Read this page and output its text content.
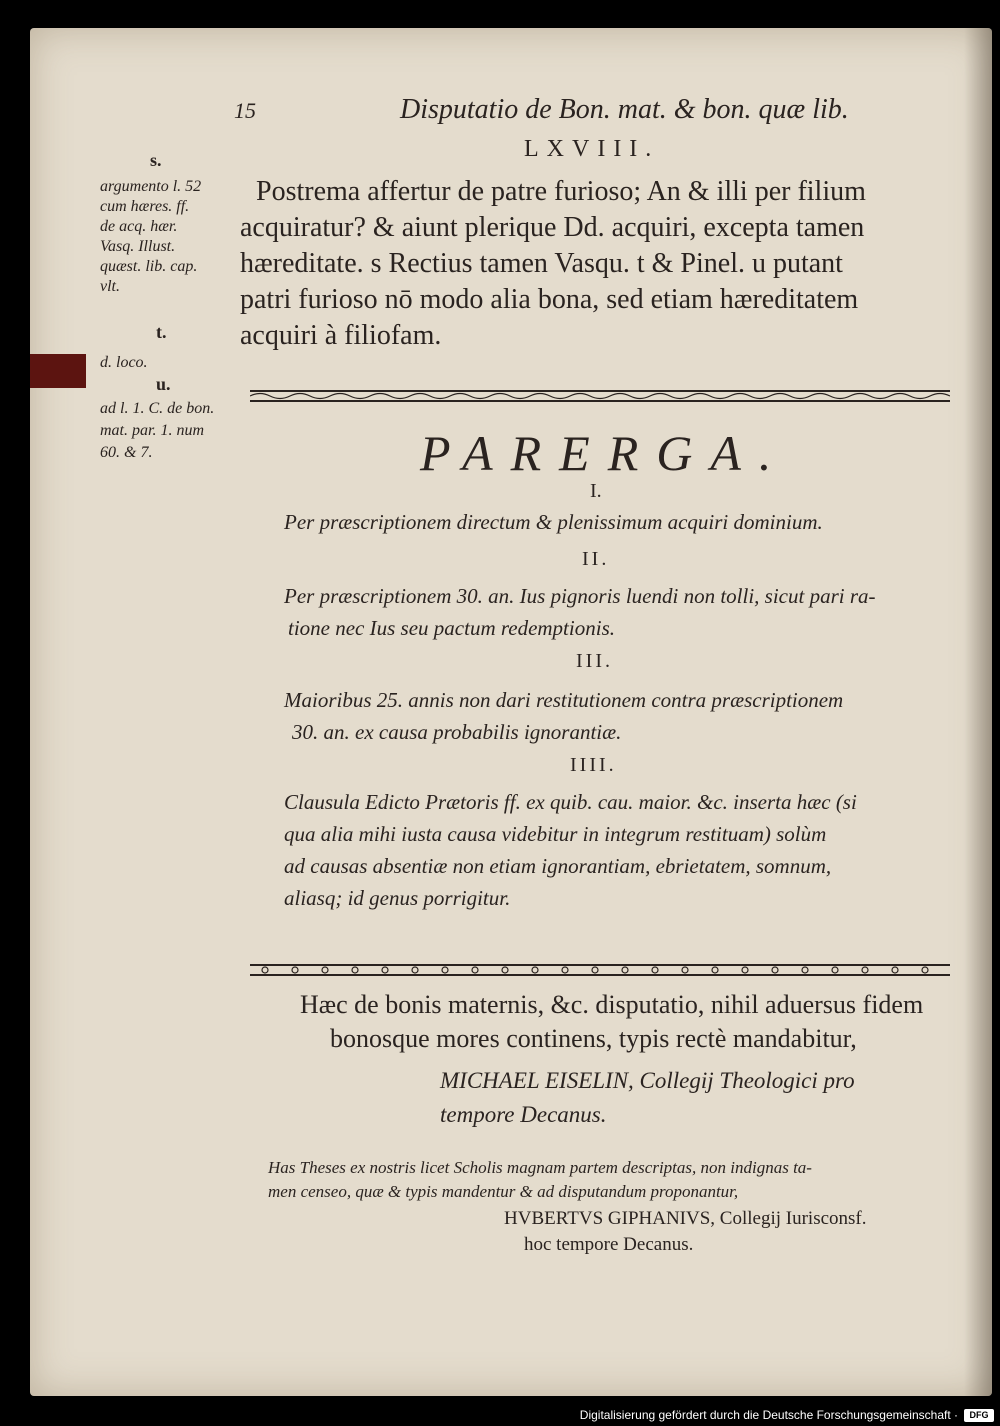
15	Disputatio de Bon. mat. & bon. quæ lib.
LXVIII.
Postrema affertur de patre furioso; An & illi per filium
acquiratur? & aiunt plerique Dd. acquiri, excepta tamen
hæreditate. s Rectius tamen Vasqu. t & Pinel. u putant
patri furioso nō modo alia bona, sed etiam hæreditatem
acquiri à filiofam.
s.
argumento l. 52
cum hæres. ff.
de acq. hær.
Vasq. Illust.
quæst. lib. cap.
vlt.
t.
d. loco.
u.
ad l. 1. C. de bon.
mat. par. 1. num
60. & 7.	PARERGA.
I.
Per præscriptionem directum & plenissimum acquiri dominium.
II.
Per præscriptionem 30. an. Ius pignoris luendi non tolli, sicut pari ra-
tione nec Ius seu pactum redemptionis.
III.
Maioribus 25. annis non dari restitutionem contra præscriptionem
30. an. ex causa probabilis ignorantiæ.
IIII.
Clausula Edicto Prætoris ff. ex quib. cau. maior. &c. inserta hæc (si
qua alia mihi iusta causa videbitur in integrum restituam) solùm
ad causas absentiæ non etiam ignorantiam, ebrietatem, somnum,
aliasq; id genus porrigitur.
Hæc de bonis maternis, &c. disputatio, nihil aduersus fidem
bonosque mores continens, typis rectè mandabitur,
MICHAEL EISELIN, Collegij Theologici pro
tempore Decanus.
Has Theses ex nostris licet Scholis magnam partem descriptas, non indignas ta-
men censeo, quæ & typis mandentur & ad disputandum proponantur,
HVBERTVS GIPHANIVS, Collegij Iurisconsf.
hoc tempore Decanus.
Digitalisierung gefördert durch die Deutsche Forschungsgemeinschaft ·	DFG
